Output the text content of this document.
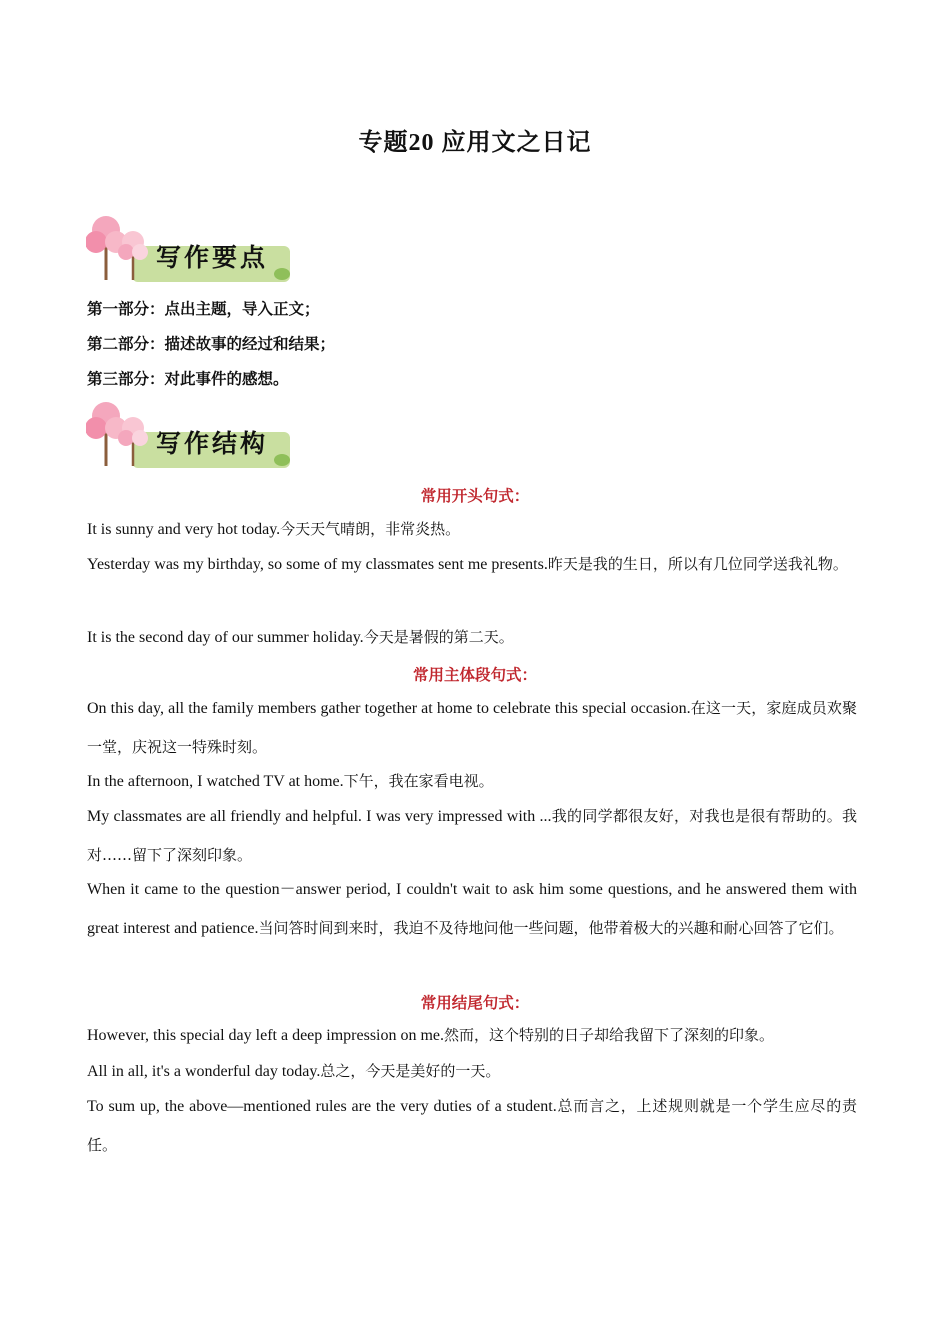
专题20 应用文之日记
写作要点
第一部分：点出主题，导入正文；
第二部分：描述故事的经过和结果；
第三部分：对此事件的感想。
写作结构
常用开头句式：
It is sunny and very hot today.今天天气晴朗，非常炎热。
Yesterday was my birthday, so some of my classmates sent me presents.昨天是我的生日，所以有几位同学送我礼物。
It is the second day of our summer holiday.今天是暑假的第二天。
常用主体段句式：
On this day, all the family members gather together at home to celebrate this special occasion.在这一天，家庭成员欢聚一堂，庆祝这一特殊时刻。
In the afternoon, I watched TV at home.下午，我在家看电视。
My classmates are all friendly and helpful. I was very impressed with ...我的同学都很友好，对我也是很有帮助的。我对……留下了深刻印象。
When it came to the question－answer period, I couldn't wait to ask him some questions, and he answered them with great interest and patience.当问答时间到来时，我迫不及待地问他一些问题，他带着极大的兴趣和耐心回答了它们。
常用结尾句式：
However, this special day left a deep impression on me.然而，这个特别的日子却给我留下了深刻的印象。
All in all, it's a wonderful day today.总之，今天是美好的一天。
To sum up, the above—mentioned rules are the very duties of a student.总而言之，上述规则就是一个学生应尽的责任。
